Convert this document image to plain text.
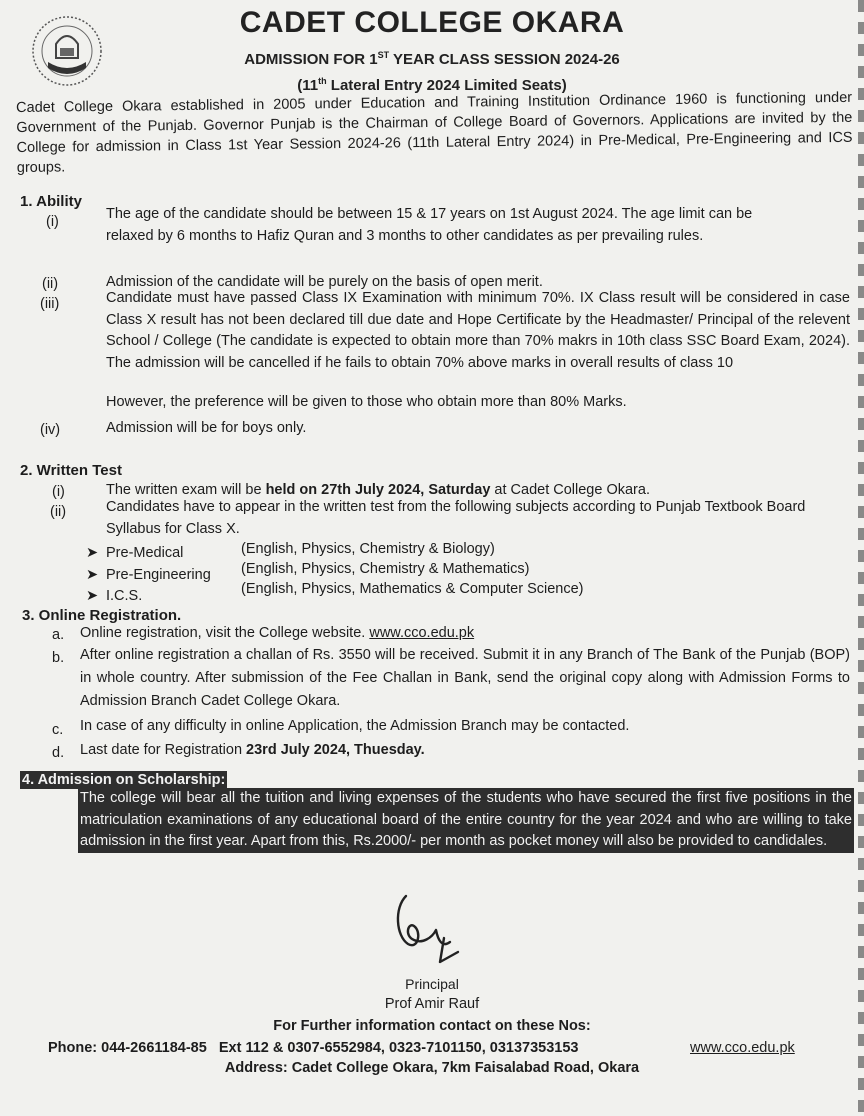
CADET COLLEGE OKARA
ADMISSION FOR 1ST YEAR CLASS SESSION 2024-26
(11th Lateral Entry 2024 Limited Seats)
Cadet College Okara established in 2005 under Education and Training Institution Ordinance 1960 is functioning under Government of the Punjab. Governor Punjab is the Chairman of College Board of Governors. Applications are invited by the College for admission in Class 1st Year Session 2024-26 (11th Lateral Entry 2024) in Pre-Medical, Pre-Engineering and ICS groups.
1. Ability
(i)	The age of the candidate should be between 15 & 17 years on 1st August 2024. The age limit can be relaxed by 6 months to Hafiz Quran and 3 months to other candidates as per prevailing rules.
(ii)	Admission of the candidate will be purely on the basis of open merit.
(iii)	Candidate must have passed Class IX Examination with minimum 70%. IX Class result will be considered in case Class X result has not been declared till due date and Hope Certificate by the Headmaster/ Principal of the relevent School / College (The candidate is expected to obtain more than 70% makrs in 10th class SSC Board Exam, 2024). The admission will be cancelled if he fails to obtain 70% above marks in overall results of class 10
However, the preference will be given to those who obtain more than 80% Marks.
(iv)	Admission will be for boys only.
2. Written Test
(i)	The written exam will be held on 27th July 2024, Saturday at Cadet College Okara.
(ii)	Candidates have to appear in the written test from the following subjects according to Punjab Textbook Board Syllabus for Class X.
➤ Pre-Medical	(English, Physics, Chemistry & Biology)
➤ Pre-Engineering (English, Physics, Chemistry & Mathematics)
➤ I.C.S.	(English, Physics, Mathematics & Computer Science)
3. Online Registration.
a. Online registration, visit the College website. www.cco.edu.pk
b. After online registration a challan of Rs. 3550 will be received. Submit it in any Branch of The Bank of the Punjab (BOP) in whole country. After submission of the Fee Challan in Bank, send the original copy along with Admission Forms to Admission Branch Cadet College Okara.
c. In case of any difficulty in online Application, the Admission Branch may be contacted.
d. Last date for Registration 23rd July 2024, Thuesday.
4. Admission on Scholarship:
The college will bear all the tuition and living expenses of the students who have secured the first five positions in the matriculation examinations of any educational board of the entire country for the year 2024 and who are willing to take admission in the first year. Apart from this, Rs.2000/- per month as pocket money will also be provided to candidales.
Principal
Prof Amir Rauf
For Further information contact on these Nos:
Phone: 044-2661184-85   Ext 112 & 0307-6552984, 0323-7101150, 03137353153	www.cco.edu.pk
Address: Cadet College Okara, 7km Faisalabad Road, Okara
